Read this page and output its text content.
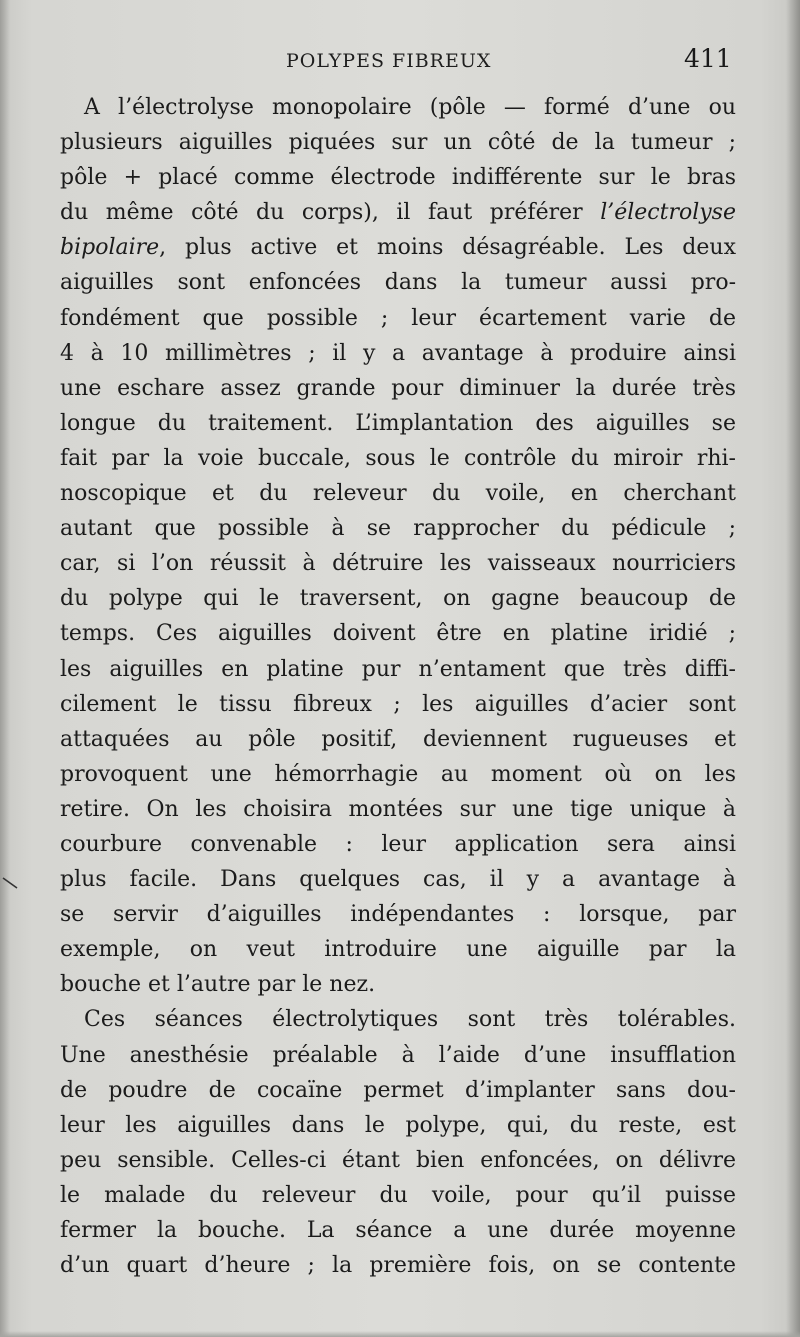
POLYPES FIBREUX	411

A l’électrolyse monopolaire (pôle — formé d’une ou
plusieurs aiguilles piquées sur un côté de la tumeur ;
pôle + placé comme électrode indifférente sur le bras
du même côté du corps), il faut préférer l’électrolyse
bipolaire, plus active et moins désagréable. Les deux
aiguilles sont enfoncées dans la tumeur aussi pro-
fondément que possible ; leur écartement varie de
4 à 10 millimètres ; il y a avantage à produire ainsi
une eschare assez grande pour diminuer la durée très
longue du traitement. L’implantation des aiguilles se
fait par la voie buccale, sous le contrôle du miroir rhi-
noscopique et du releveur du voile, en cherchant
autant que possible à se rapprocher du pédicule ;
car, si l’on réussit à détruire les vaisseaux nourriciers
du polype qui le traversent, on gagne beaucoup de
temps. Ces aiguilles doivent être en platine iridié ;
les aiguilles en platine pur n’entament que très diffi-
cilement le tissu fibreux ; les aiguilles d’acier sont
attaquées au pôle positif, deviennent rugueuses et
provoquent une hémorrhagie au moment où on les
retire. On les choisira montées sur une tige unique à
courbure convenable : leur application sera ainsi
plus facile. Dans quelques cas, il y a avantage à
se servir d’aiguilles indépendantes : lorsque, par
exemple, on veut introduire une aiguille par la
bouche et l’autre par le nez.

Ces séances électrolytiques sont très tolérables.
Une anesthésie préalable à l’aide d’une insufflation
de poudre de cocaïne permet d’implanter sans dou-
leur les aiguilles dans le polype, qui, du reste, est
peu sensible. Celles-ci étant bien enfoncées, on délivre
le malade du releveur du voile, pour qu’il puisse
fermer la bouche. La séance a une durée moyenne
d’un quart d’heure ; la première fois, on se contente
